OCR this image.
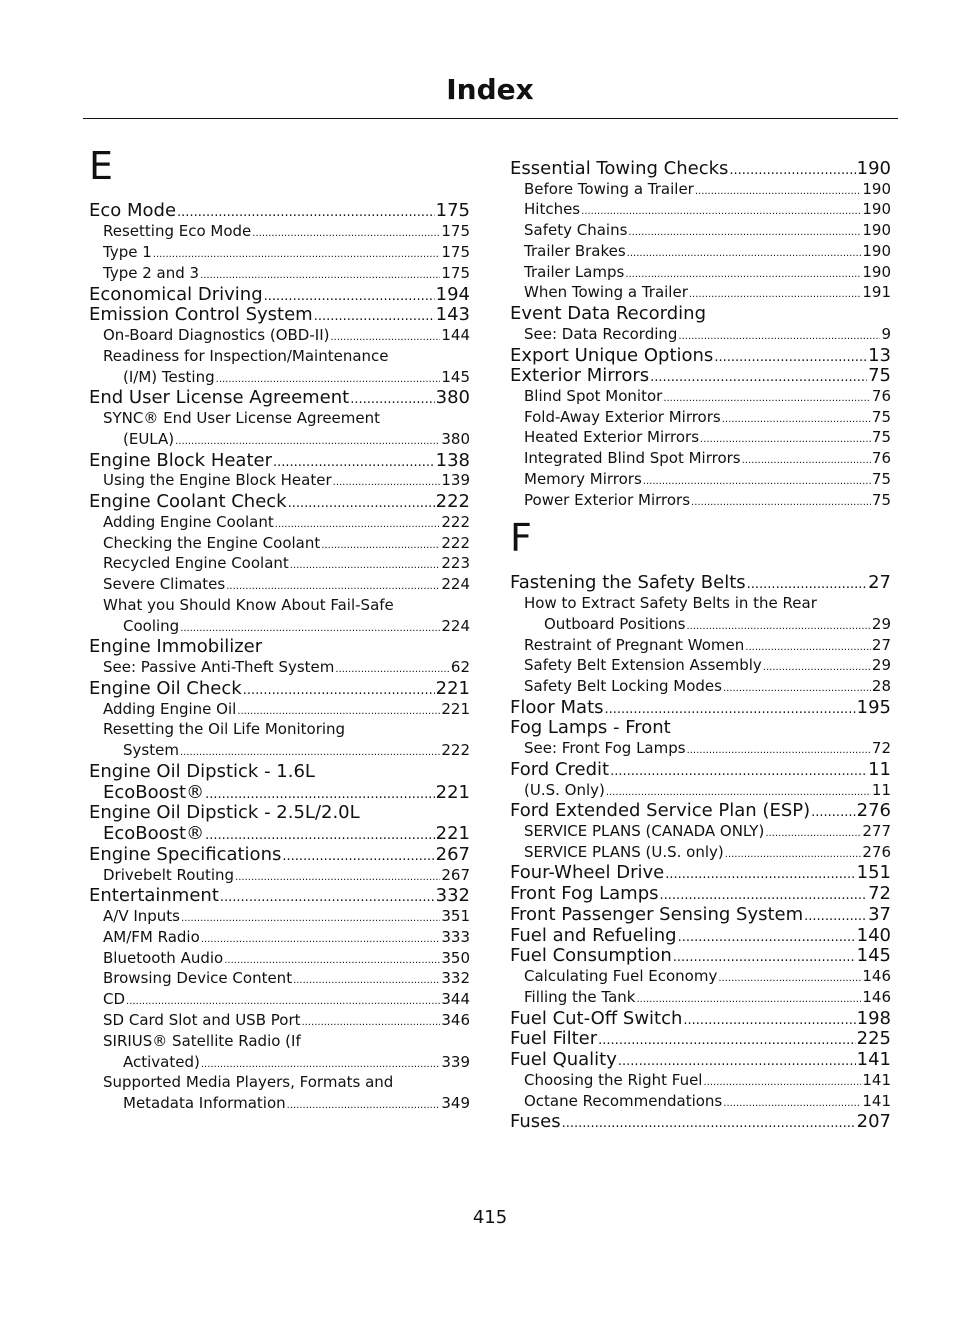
Index
E
Eco Mode .....	175
Resetting Eco Mode .....	175
Type 1 .....	175
Type 2 and 3 .....	175
Economical Driving .....	194
Emission Control System .....	143
On-Board Diagnostics (OBD-II) .....	144
Readiness for Inspection/Maintenance
(I/M) Testing .....	145
End User License Agreement .....	380
SYNC® End User License Agreement
(EULA) .....	380
Engine Block Heater .....	138
Using the Engine Block Heater .....	139
Engine Coolant Check .....	222
Adding Engine Coolant .....	222
Checking the Engine Coolant .....	222
Recycled Engine Coolant .....	223
Severe Climates .....	224
What you Should Know About Fail-Safe
Cooling .....	224
Engine Immobilizer
See: Passive Anti-Theft System .....	62
Engine Oil Check .....	221
Adding Engine Oil .....	221
Resetting the Oil Life Monitoring
System .....	222
Engine Oil Dipstick - 1.6L
EcoBoost® .....	221
Engine Oil Dipstick - 2.5L/2.0L
EcoBoost® .....	221
Engine Specifications .....	267
Drivebelt Routing .....	267
Entertainment .....	332
A/V Inputs .....	351
AM/FM Radio .....	333
Bluetooth Audio .....	350
Browsing Device Content .....	332
CD .....	344
SD Card Slot and USB Port .....	346
SIRIUS® Satellite Radio (If
Activated) .....	339
Supported Media Players, Formats and
Metadata Information .....	349
Essential Towing Checks .....	190
Before Towing a Trailer .....	190
Hitches .....	190
Safety Chains .....	190
Trailer Brakes .....	190
Trailer Lamps .....	190
When Towing a Trailer .....	191
Event Data Recording
See: Data Recording .....	9
Export Unique Options .....	13
Exterior Mirrors .....	75
Blind Spot Monitor .....	76
Fold-Away Exterior Mirrors .....	75
Heated Exterior Mirrors .....	75
Integrated Blind Spot Mirrors .....	76
Memory Mirrors .....	75
Power Exterior Mirrors .....	75
F
Fastening the Safety Belts .....	27
How to Extract Safety Belts in the Rear
Outboard Positions .....	29
Restraint of Pregnant Women .....	27
Safety Belt Extension Assembly .....	29
Safety Belt Locking Modes .....	28
Floor Mats .....	195
Fog Lamps - Front
See: Front Fog Lamps .....	72
Ford Credit .....	11
(U.S. Only) .....	11
Ford Extended Service Plan (ESP) .....	276
SERVICE PLANS (CANADA ONLY) .....	277
SERVICE PLANS (U.S. only) .....	276
Four-Wheel Drive .....	151
Front Fog Lamps .....	72
Front Passenger Sensing System .....	37
Fuel and Refueling .....	140
Fuel Consumption .....	145
Calculating Fuel Economy .....	146
Filling the Tank .....	146
Fuel Cut-Off Switch .....	198
Fuel Filter .....	225
Fuel Quality .....	141
Choosing the Right Fuel .....	141
Octane Recommendations .....	141
Fuses .....	207
415
